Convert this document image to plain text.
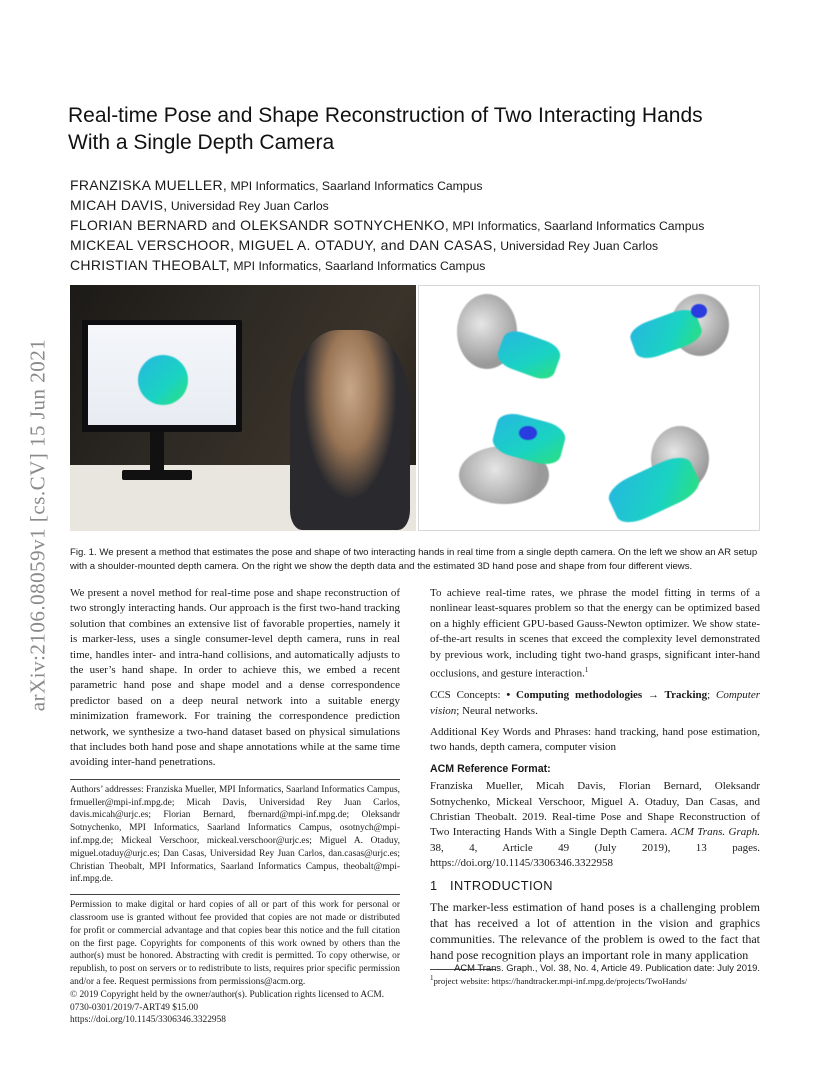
arXiv:2106.08059v1 [cs.CV] 15 Jun 2021
Real-time Pose and Shape Reconstruction of Two Interacting Hands
With a Single Depth Camera
FRANZISKA MUELLER, MPI Informatics, Saarland Informatics Campus
MICAH DAVIS, Universidad Rey Juan Carlos
FLORIAN BERNARD and OLEKSANDR SOTNYCHENKO, MPI Informatics, Saarland Informatics Campus
MICKEAL VERSCHOOR, MIGUEL A. OTADUY, and DAN CASAS, Universidad Rey Juan Carlos
CHRISTIAN THEOBALT, MPI Informatics, Saarland Informatics Campus

Fig. 1. We present a method that estimates the pose and shape of two interacting hands in real time from a single depth camera. On the left we show an AR setup with a shoulder-mounted depth camera. On the right we show the depth data and the estimated 3D hand pose and shape from four different views.

We present a novel method for real-time pose and shape reconstruction of two strongly interacting hands. Our approach is the first two-hand tracking solution that combines an extensive list of favorable properties, namely it is marker-less, uses a single consumer-level depth camera, runs in real time, handles inter- and intra-hand collisions, and automatically adjusts to the user’s hand shape. In order to achieve this, we embed a recent parametric hand pose and shape model and a dense correspondence predictor based on a deep neural network into a suitable energy minimization framework. For training the correspondence prediction network, we synthesize a two-hand dataset based on physical simulations that includes both hand pose and shape annotations while at the same time avoiding inter-hand penetrations.

Authors’ addresses: Franziska Mueller, MPI Informatics, Saarland Informatics Campus, frmueller@mpi-inf.mpg.de; Micah Davis, Universidad Rey Juan Carlos, davis.micah@urjc.es; Florian Bernard, fbernard@mpi-inf.mpg.de; Oleksandr Sotnychenko, MPI Informatics, Saarland Informatics Campus, osotnych@mpi-inf.mpg.de; Mickeal Verschoor, mickeal.verschoor@urjc.es; Miguel A. Otaduy, miguel.otaduy@urjc.es; Dan Casas, Universidad Rey Juan Carlos, dan.casas@urjc.es; Christian Theobalt, MPI Informatics, Saarland Informatics Campus, theobalt@mpi-inf.mpg.de.

Permission to make digital or hard copies of all or part of this work for personal or classroom use is granted without fee provided that copies are not made or distributed for profit or commercial advantage and that copies bear this notice and the full citation on the first page. Copyrights for components of this work owned by others than the author(s) must be honored. Abstracting with credit is permitted. To copy otherwise, or republish, to post on servers or to redistribute to lists, requires prior specific permission and/or a fee. Request permissions from permissions@acm.org.

© 2019 Copyright held by the owner/author(s). Publication rights licensed to ACM.

0730-0301/2019/7-ART49 $15.00

https://doi.org/10.1145/3306346.3322958

To achieve real-time rates, we phrase the model fitting in terms of a nonlinear least-squares problem so that the energy can be optimized based on a highly efficient GPU-based Gauss-Newton optimizer. We show state-of-the-art results in scenes that exceed the complexity level demonstrated by previous work, including tight two-hand grasps, significant inter-hand occlusions, and gesture interaction.$^1$

CCS Concepts: • Computing methodologies → Tracking; Computer vision; Neural networks.

Additional Key Words and Phrases: hand tracking, hand pose estimation, two hands, depth camera, computer vision

ACM Reference Format:

Franziska Mueller, Micah Davis, Florian Bernard, Oleksandr Sotnychenko, Mickeal Verschoor, Miguel A. Otaduy, Dan Casas, and Christian Theobalt. 2019. Real-time Pose and Shape Reconstruction of Two Interacting Hands With a Single Depth Camera. ACM Trans. Graph. 38, 4, Article 49 (July 2019), 13 pages. https://doi.org/10.1145/3306346.3322958

1 INTRODUCTION

The marker-less estimation of hand poses is a challenging problem that has received a lot of attention in the vision and graphics communities. The relevance of the problem is owed to the fact that hand pose recognition plays an important role in many application

$^1$project website: https://handtracker.mpi-inf.mpg.de/projects/TwoHands/
ACM Trans. Graph., Vol. 38, No. 4, Article 49. Publication date: July 2019.
